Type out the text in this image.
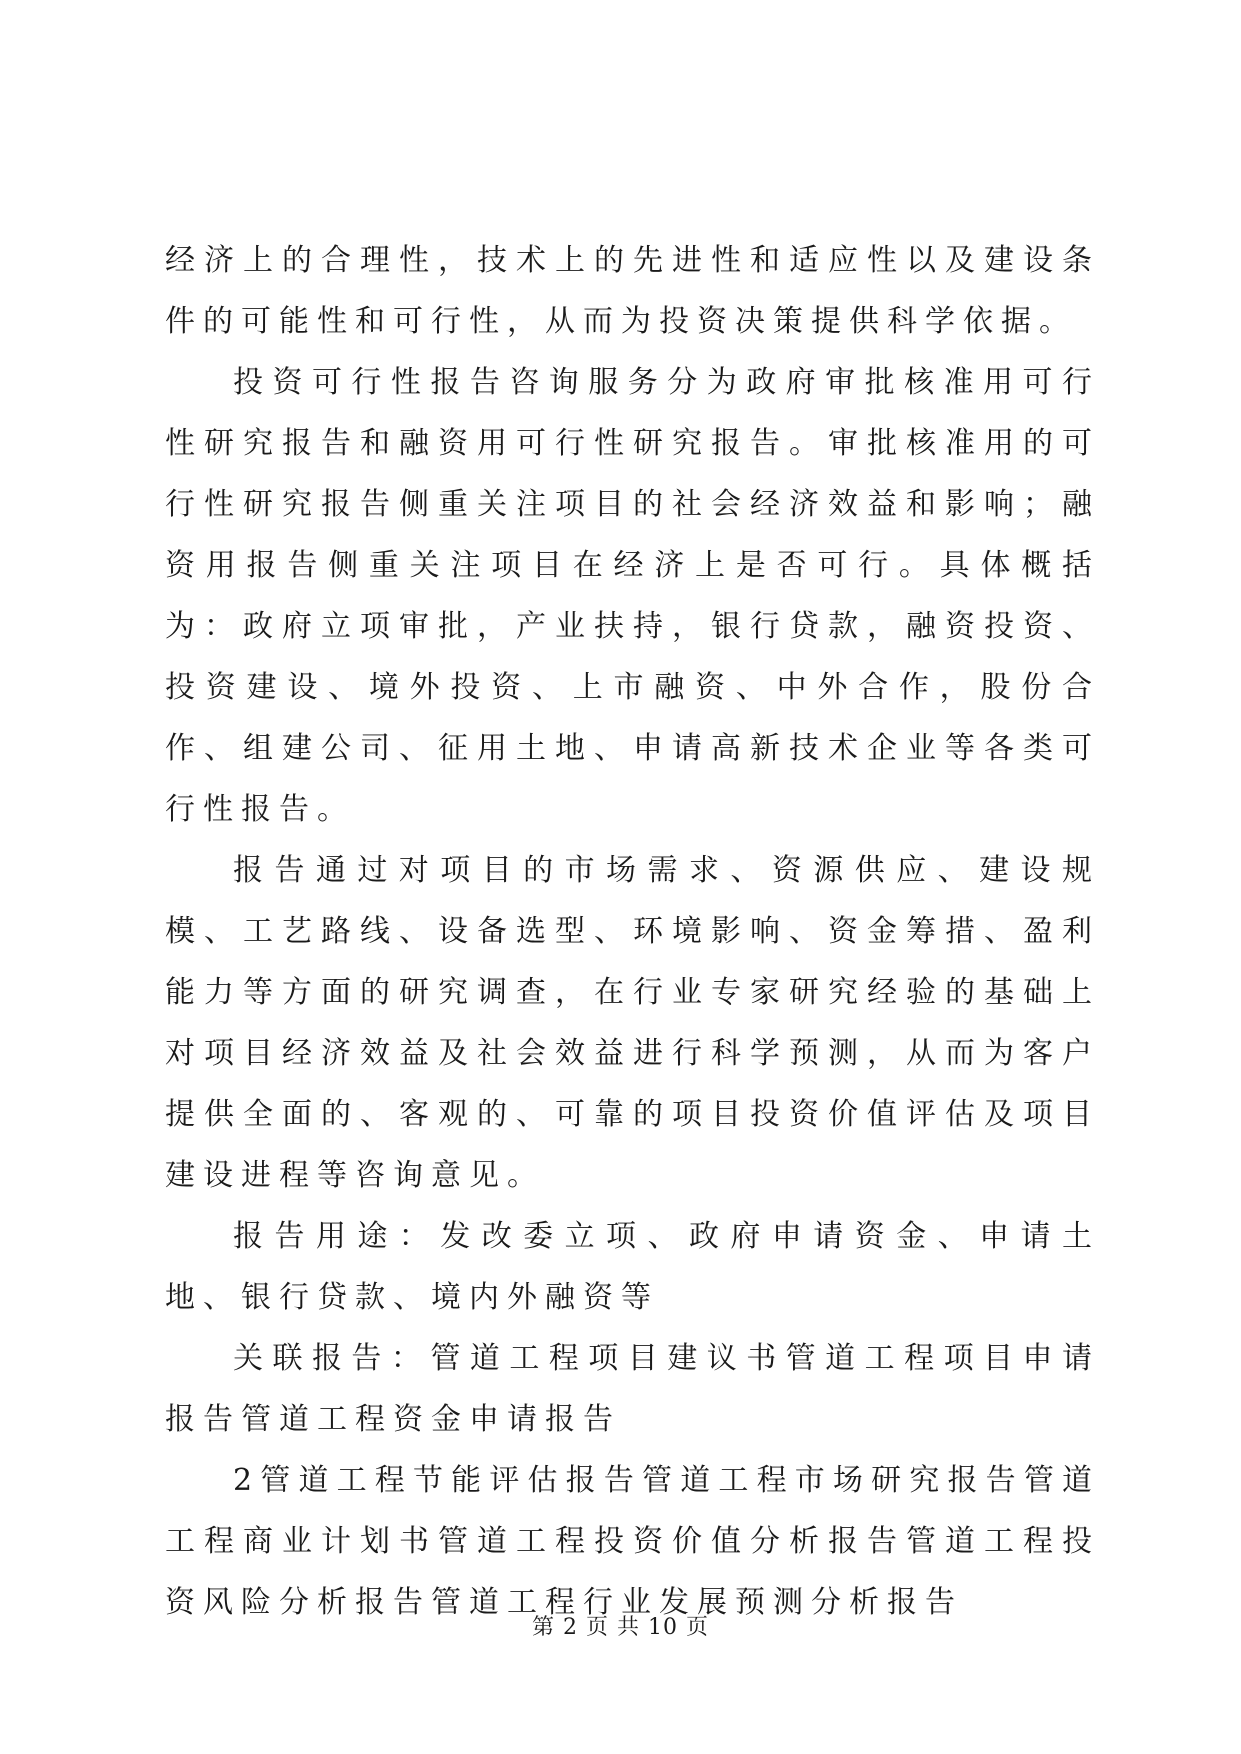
经济上的合理性，技术上的先进性和适应性以及建设条件的可能性和可行性，从而为投资决策提供科学依据。

投资可行性报告咨询服务分为政府审批核准用可行性研究报告和融资用可行性研究报告。审批核准用的可行性研究报告侧重关注项目的社会经济效益和影响；融资用报告侧重关注项目在经济上是否可行。具体概括为：政府立项审批，产业扶持，银行贷款，融资投资、投资建设、境外投资、上市融资、中外合作，股份合作、组建公司、征用土地、申请高新技术企业等各类可行性报告。

报告通过对项目的市场需求、资源供应、建设规模、工艺路线、设备选型、环境影响、资金筹措、盈利能力等方面的研究调查，在行业专家研究经验的基础上对项目经济效益及社会效益进行科学预测，从而为客户提供全面的、客观的、可靠的项目投资价值评估及项目建设进程等咨询意见。

报告用途：发改委立项、政府申请资金、申请土地、银行贷款、境内外融资等

关联报告：管道工程项目建议书管道工程项目申请报告管道工程资金申请报告

2管道工程节能评估报告管道工程市场研究报告管道工程商业计划书管道工程投资价值分析报告管道工程投资风险分析报告管道工程行业发展预测分析报告

第 2 页 共 10 页
